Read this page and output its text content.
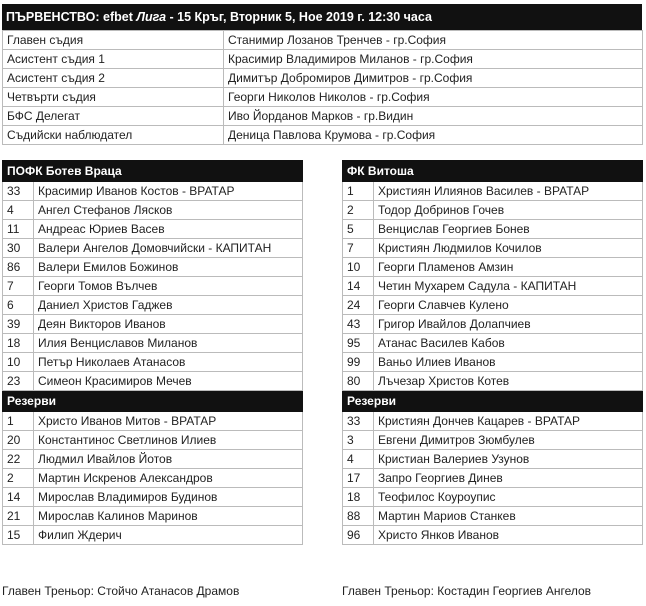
ПЪРВЕНСТВО: efbet Лига - 15 Кръг, Вторник 5, Ное 2019 г. 12:30 часа
Главен съдия	Станимир Лозанов Тренчев - гр.София
Асистент съдия 1	Красимир Владимиров Миланов - гр.София
Асистент съдия 2	Димитър Добромиров Димитров - гр.София
Четвърти съдия	Георги Николов Николов - гр.София
БФС Делегат	Иво Йорданов Марков - гр.Видин
Съдийски наблюдател	Деница Павлова Крумова - гр.София
ПОФК Ботев Враца	
33	Красимир Иванов Костов - ВРАТАР
4	Ангел Стефанов Лясков
11	Андреас Юриев Васев
30	Валери Ангелов Домовчийски - КАПИТАН
86	Валери Емилов Божинов
7	Георги Томов Вълчев
6	Даниел Христов Гаджев
39	Деян Викторов Иванов
18	Илия Венциславов Миланов
10	Петър Николаев Атанасов
23	Симеон Красимиров Мечев
Резерви	
1	Христо Иванов Митов - ВРАТАР
20	Константинос Светлинов Илиев
22	Людмил Ивайлов Йотов
2	Мартин Искренов Александров
14	Мирослав Владимиров Будинов
21	Мирослав Калинов Маринов
15	Филип Ждерич
ФК Витоша	
1	Християн Илиянов Василев - ВРАТАР
2	Тодор Добринов Гочев
5	Венцислав Георгиев Бонев
7	Кристиян Людмилов Кочилов
10	Георги Пламенов Амзин
14	Четин Мухарем Садула - КАПИТАН
24	Георги Славчев Кулено
43	Григор Ивайлов Долапчиев
95	Атанас Василев Кабов
99	Ваньо Илиев Иванов
80	Лъчезар Христов Котев
Резерви	
33	Кристиян Дончев Кацарев - ВРАТАР
3	Евгени Димитров Зюмбулев
4	Кристиан Валериев Узунов
17	Запро Георгиев Динев
18	Теофилос Коуроупис
88	Мартин Мариов Станкев
96	Христо Янков Иванов
Главен Треньор: Стойчо Атанасов Драмов	Главен Треньор: Костадин Георгиев Ангелов
